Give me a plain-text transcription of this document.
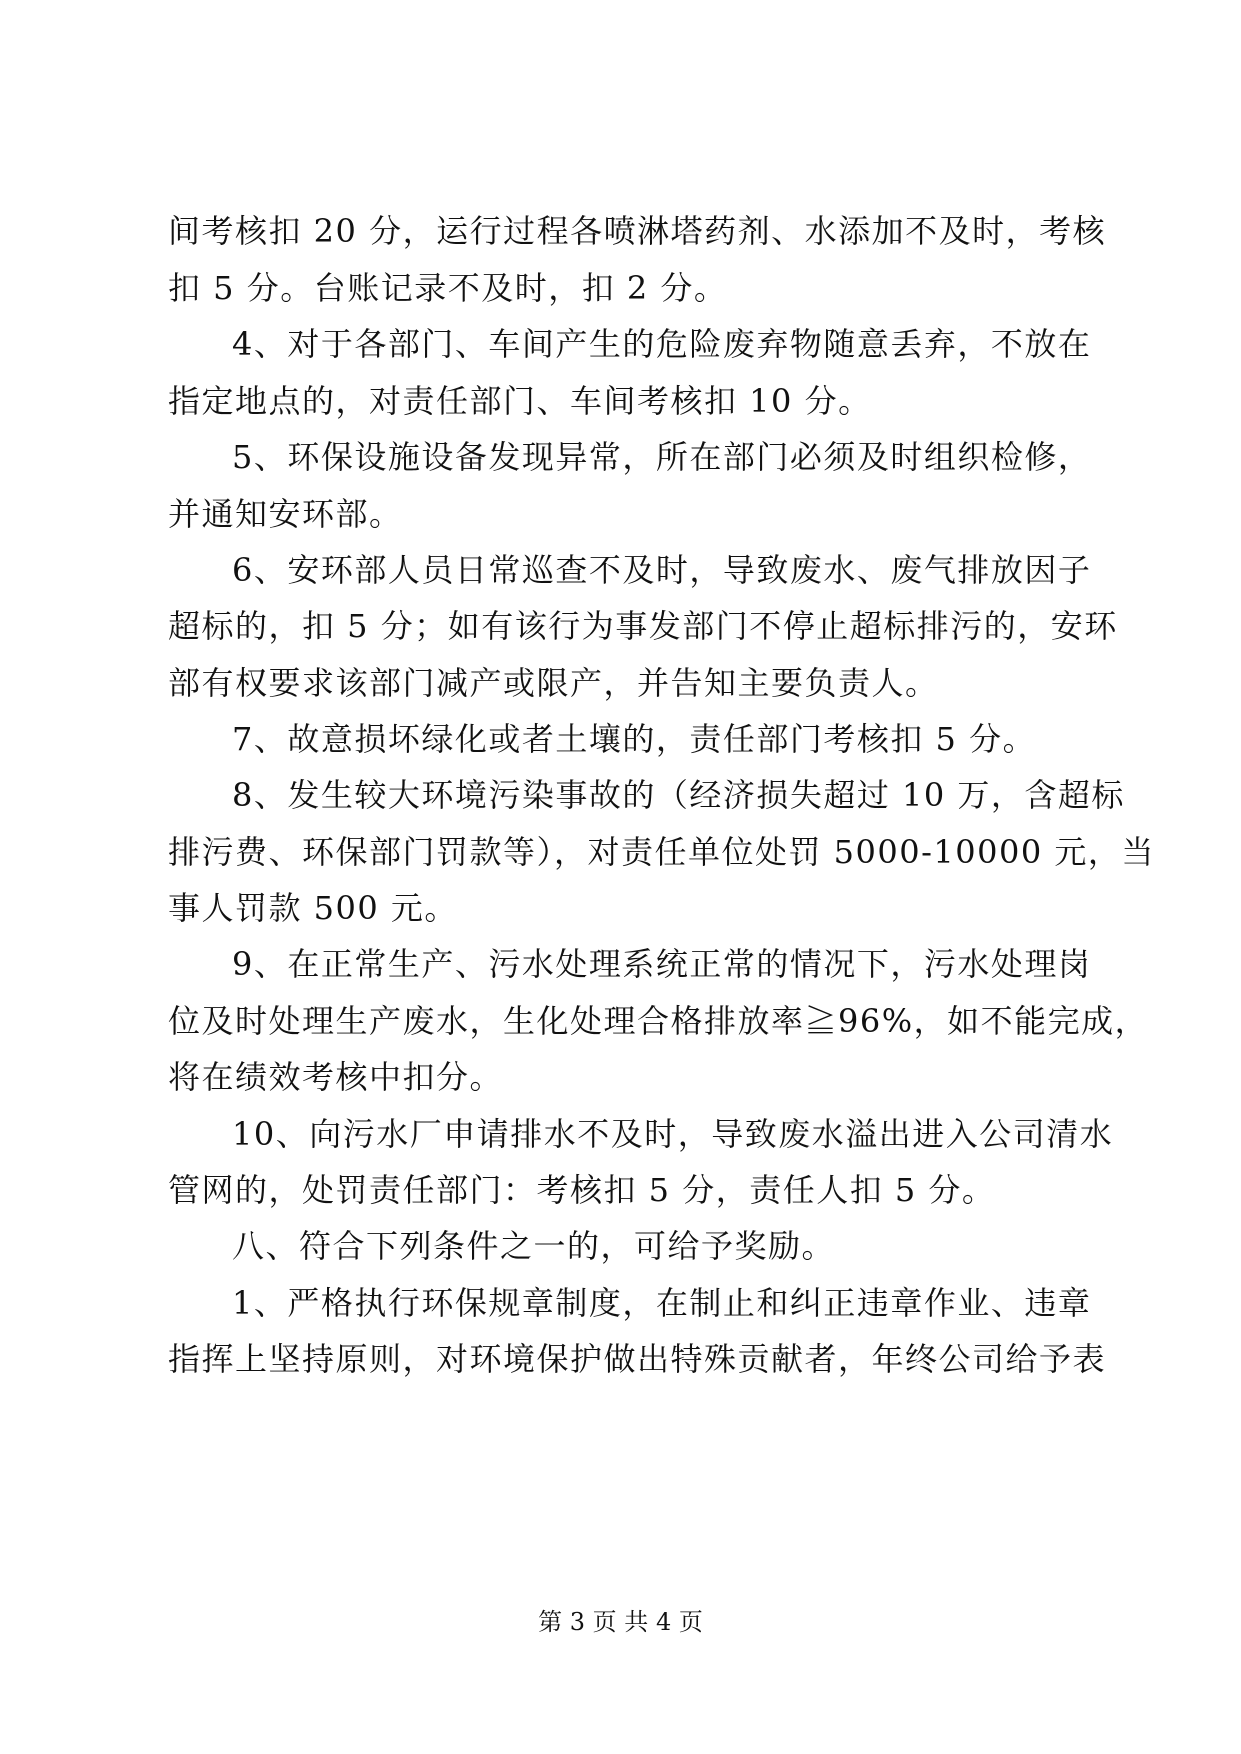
间考核扣 20 分，运行过程各喷淋塔药剂、水添加不及时，考核
扣 5 分。台账记录不及时，扣 2 分。
4、对于各部门、车间产生的危险废弃物随意丢弃，不放在
指定地点的，对责任部门、车间考核扣 10 分。
5、环保设施设备发现异常，所在部门必须及时组织检修，
并通知安环部。
6、安环部人员日常巡查不及时，导致废水、废气排放因子
超标的，扣 5 分；如有该行为事发部门不停止超标排污的，安环
部有权要求该部门减产或限产，并告知主要负责人。
7、故意损坏绿化或者土壤的，责任部门考核扣 5 分。
8、发生较大环境污染事故的（经济损失超过 10 万，含超标
排污费、环保部门罚款等），对责任单位处罚 5000-10000 元，当
事人罚款 500 元。
9、在正常生产、污水处理系统正常的情况下，污水处理岗
位及时处理生产废水，生化处理合格排放率≧96%，如不能完成，
将在绩效考核中扣分。
10、向污水厂申请排水不及时，导致废水溢出进入公司清水
管网的，处罚责任部门：考核扣 5 分，责任人扣 5 分。
八、符合下列条件之一的，可给予奖励。
1、严格执行环保规章制度，在制止和纠正违章作业、违章
指挥上坚持原则，对环境保护做出特殊贡献者，年终公司给予表
第 3 页 共 4 页
